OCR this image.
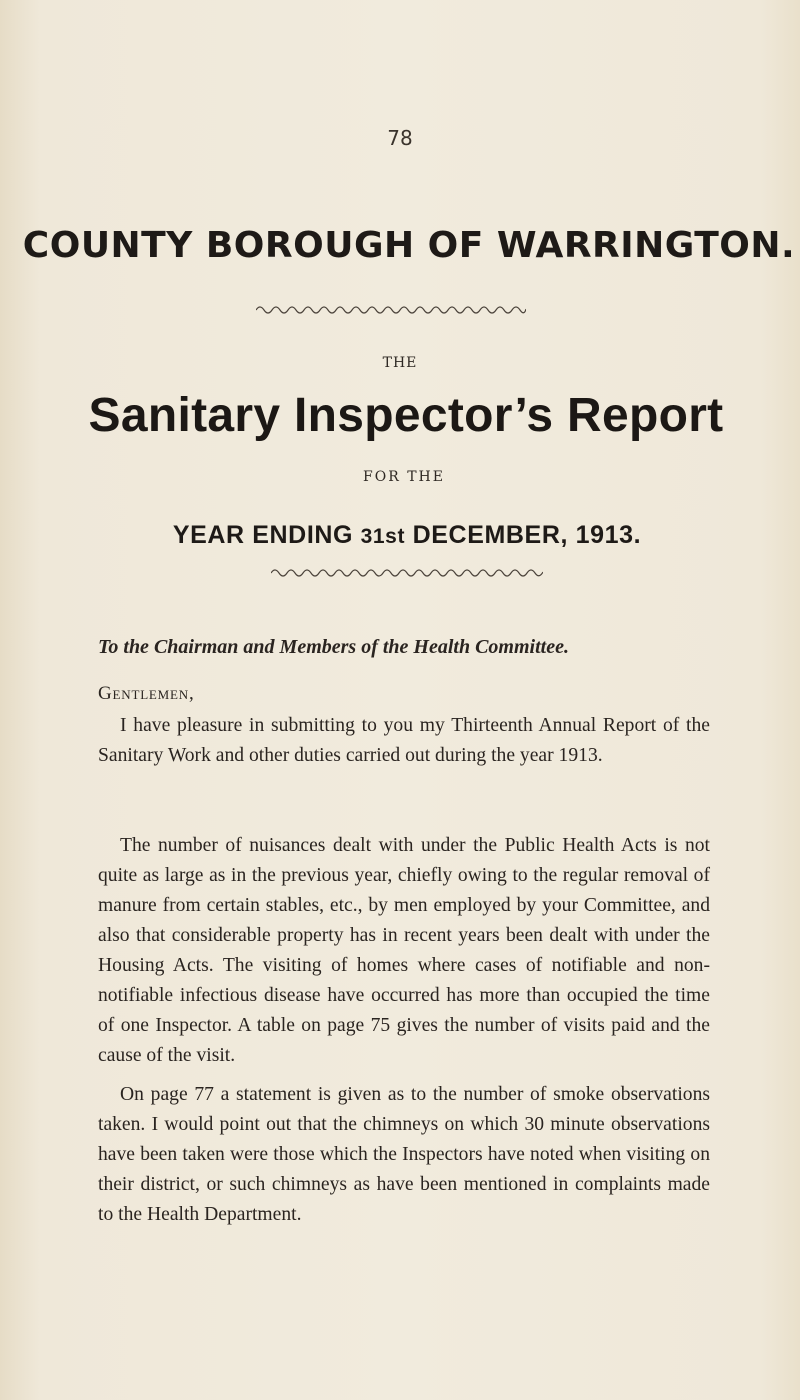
78
COUNTY BOROUGH OF WARRINGTON.
THE
Sanitary Inspector’s Report
FOR THE
YEAR ENDING 31st DECEMBER, 1913.
To the Chairman and Members of the Health Committee.
Gentlemen,

I have pleasure in submitting to you my Thirteenth Annual Report of the Sanitary Work and other duties carried out during the year 1913.

The number of nuisances dealt with under the Public Health Acts is not quite as large as in the previous year, chiefly owing to the regular removal of manure from certain stables, etc., by men employed by your Committee, and also that considerable property has in recent years been dealt with under the Housing Acts. The visiting of homes where cases of notifiable and non-notifiable infectious disease have occurred has more than occupied the time of one Inspector. A table on page 75 gives the number of visits paid and the cause of the visit.

On page 77 a statement is given as to the number of smoke observations taken. I would point out that the chimneys on which 30 minute observations have been taken were those which the Inspectors have noted when visiting on their district, or such chimneys as have been mentioned in complaints made to the Health Department.
